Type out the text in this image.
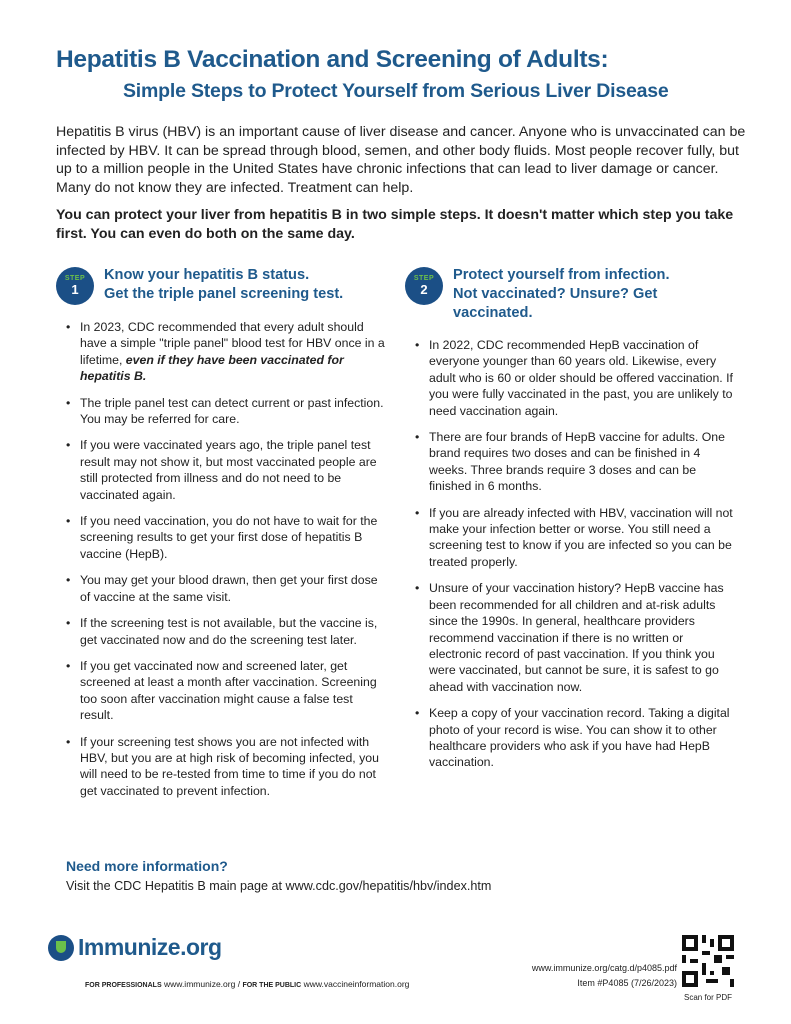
Hepatitis B Vaccination and Screening of Adults:
Simple Steps to Protect Yourself from Serious Liver Disease
Hepatitis B virus (HBV) is an important cause of liver disease and cancer. Anyone who is unvaccinated can be infected by HBV. It can be spread through blood, semen, and other body fluids. Most people recover fully, but up to a million people in the United States have chronic infections that can lead to liver damage or cancer. Many do not know they are infected. Treatment can help.
You can protect your liver from hepatitis B in two simple steps. It doesn't matter which step you take first. You can even do both on the same day.
STEP
1
Know your hepatitis B status.
Get the triple panel screening test.
• In 2023, CDC recommended that every adult should have a simple "triple panel" blood test for HBV once in a lifetime, even if they have been vaccinated for hepatitis B.
• The triple panel test can detect current or past infection. You may be referred for care.
• If you were vaccinated years ago, the triple panel test result may not show it, but most vaccinated people are still protected from illness and do not need to be vaccinated again.
• If you need vaccination, you do not have to wait for the screening results to get your first dose of hepatitis B vaccine (HepB).
• You may get your blood drawn, then get your first dose of vaccine at the same visit.
• If the screening test is not available, but the vaccine is, get vaccinated now and do the screening test later.
• If you get vaccinated now and screened later, get screened at least a month after vaccination. Screening too soon after vaccination might cause a false test result.
• If your screening test shows you are not infected with HBV, but you are at high risk of becoming infected, you will need to be re-tested from time to time if you do not get vaccinated to prevent infection.
STEP
2
Protect yourself from infection.
Not vaccinated? Unsure? Get vaccinated.
• In 2022, CDC recommended HepB vaccination of everyone younger than 60 years old. Likewise, every adult who is 60 or older should be offered vaccination. If you were fully vaccinated in the past, you are unlikely to need vaccination again.
• There are four brands of HepB vaccine for adults. One brand requires two doses and can be finished in 4 weeks. Three brands require 3 doses and can be finished in 6 months.
• If you are already infected with HBV, vaccination will not make your infection better or worse. You still need a screening test to know if you are infected so you can be treated properly.
• Unsure of your vaccination history? HepB vaccine has been recommended for all children and at-risk adults since the 1990s. In general, healthcare providers recommend vaccination if there is no written or electronic record of past vaccination. If you think you were vaccinated, but cannot be sure, it is safest to go ahead with vaccination now.
• Keep a copy of your vaccination record. Taking a digital photo of your record is wise. You can show it to other healthcare providers who ask if you have had HepB vaccination.
Need more information?
Visit the CDC Hepatitis B main page at www.cdc.gov/hepatitis/hbv/index.htm
Immunize.org
FOR PROFESSIONALS www.immunize.org / FOR THE PUBLIC www.vaccineinformation.org
www.immunize.org/catg.d/p4085.pdf
Item #P4085 (7/26/2023)
Scan for PDF
